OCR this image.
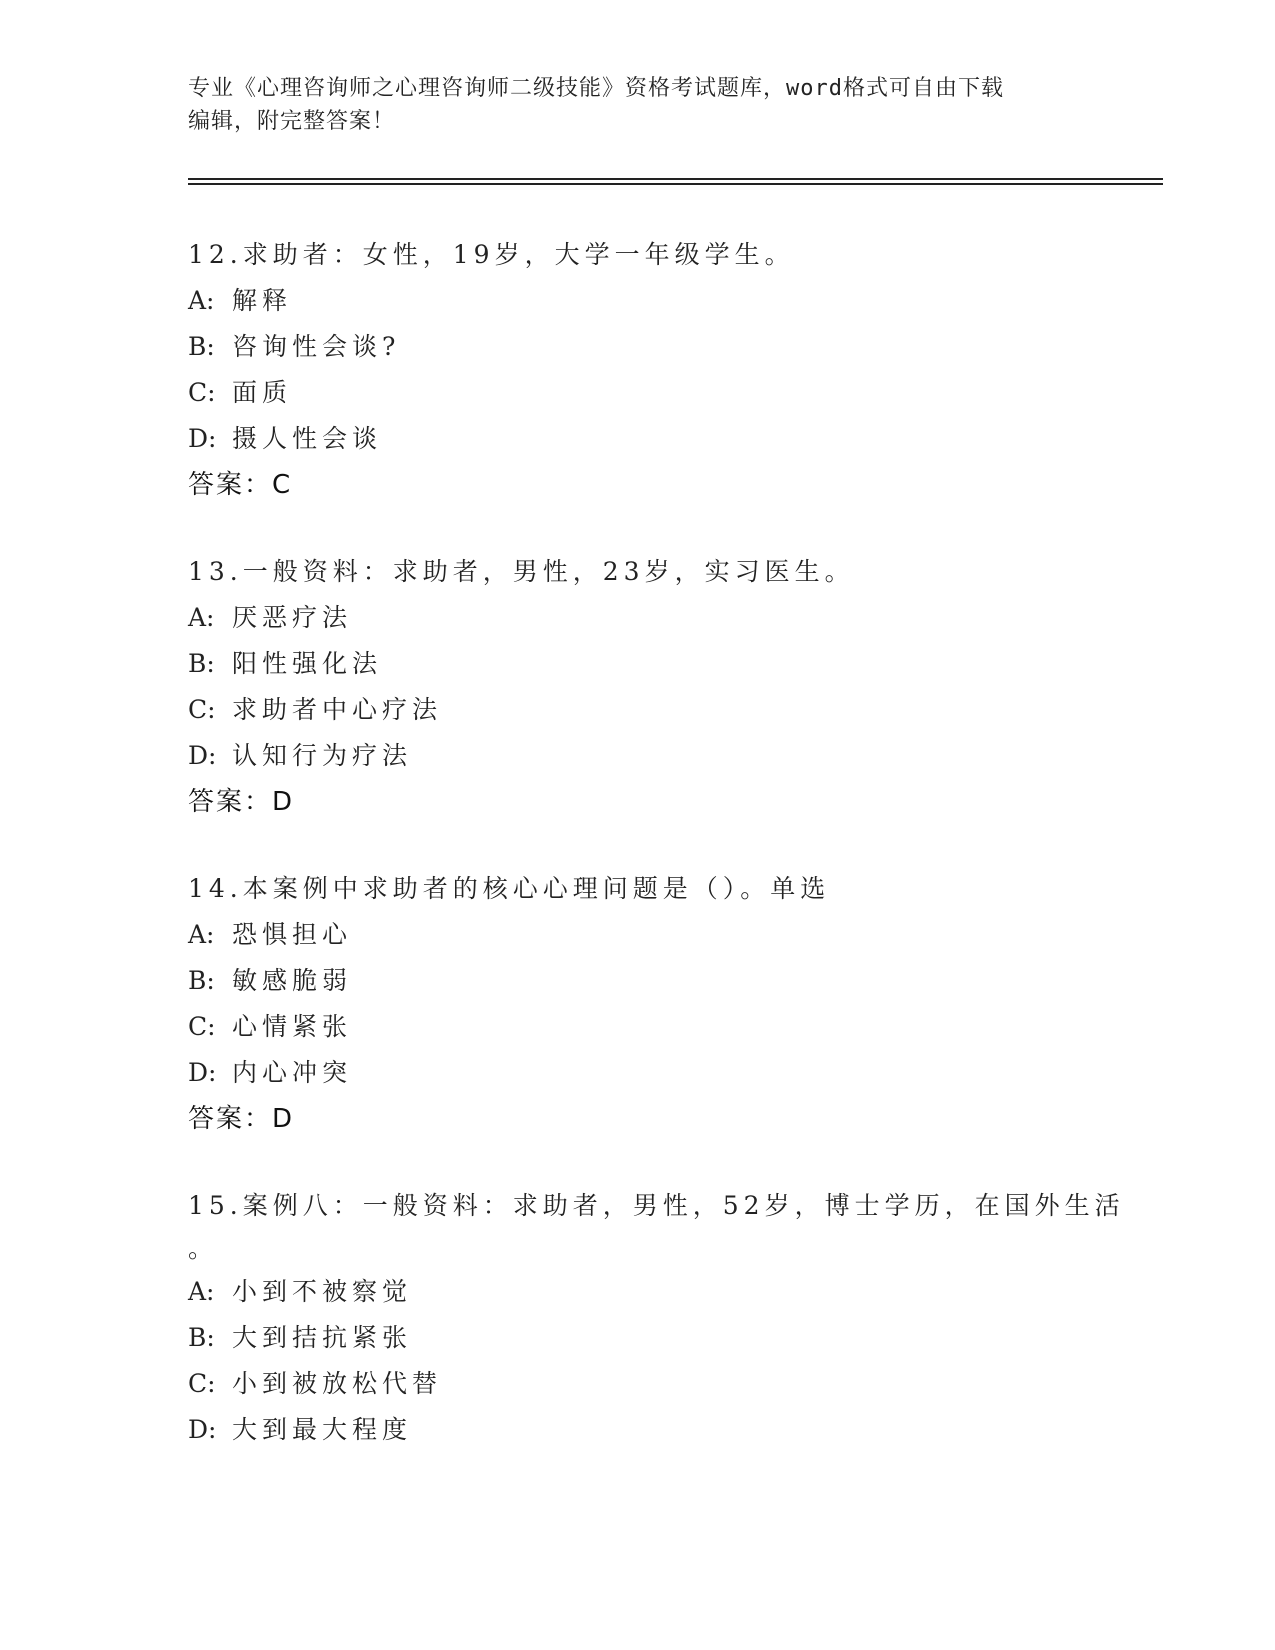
专业《心理咨询师之心理咨询师二级技能》资格考试题库，word格式可自由下载
编辑，附完整答案！
12.求助者：女性，19岁，大学一年级学生。
A: 解释
B: 咨询性会谈?
C: 面质
D: 摄人性会谈
答案：C
13.一般资料：求助者，男性，23岁，实习医生。
A: 厌恶疗法
B: 阳性强化法
C: 求助者中心疗法
D: 认知行为疗法
答案：D
14.本案例中求助者的核心心理问题是（）。单选
A: 恐惧担心
B: 敏感脆弱
C: 心情紧张
D: 内心冲突
答案：D
15.案例八：一般资料：求助者，男性，52岁，博士学历，在国外生活
。
A: 小到不被察觉
B: 大到拮抗紧张
C: 小到被放松代替
D: 大到最大程度
